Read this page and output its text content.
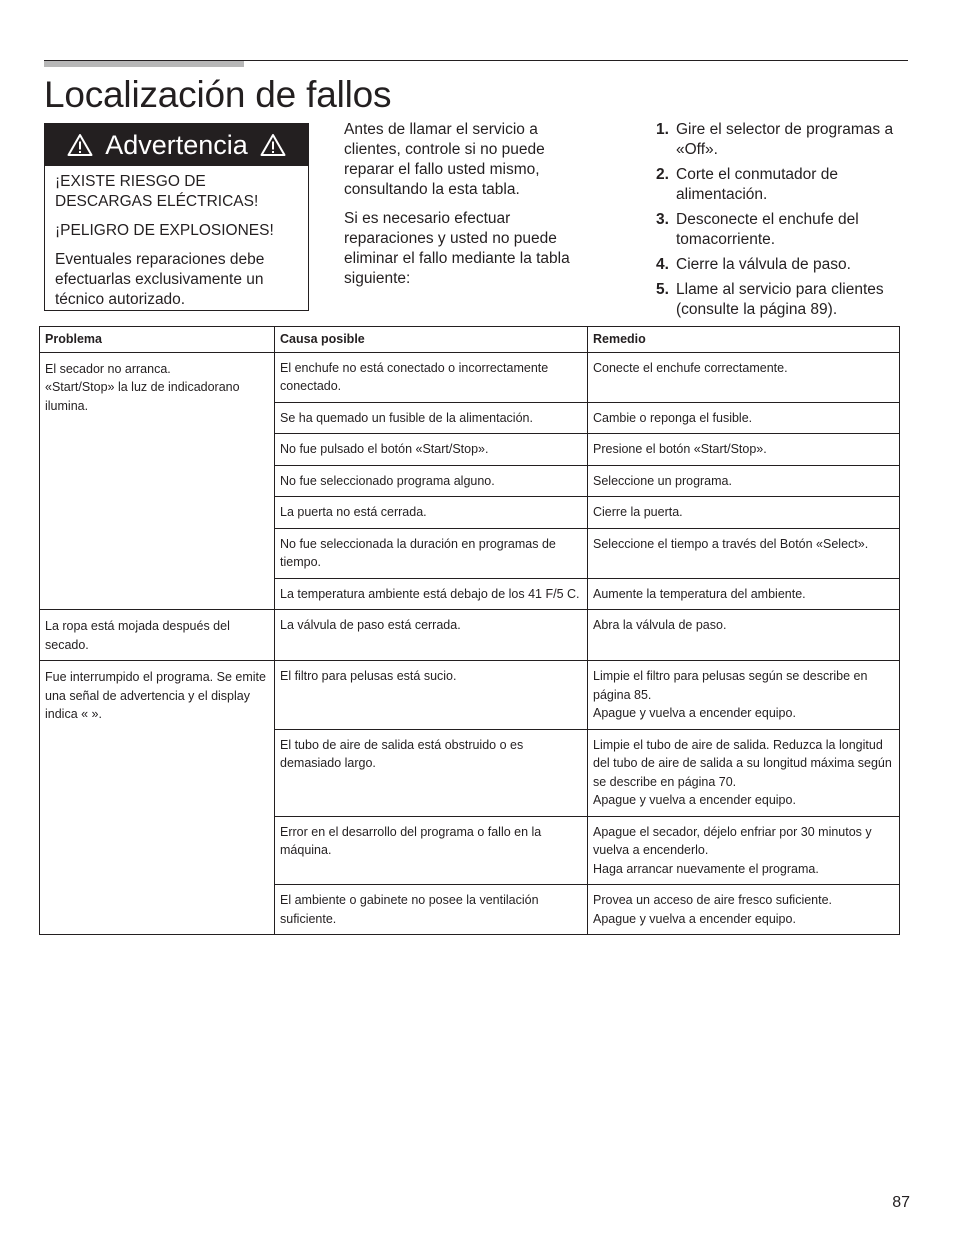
Localización de fallos
Advertencia

¡EXISTE RIESGO DE DESCARGAS ELÉCTRICAS!

¡PELIGRO DE EXPLOSIONES!

Eventuales reparaciones debe efectuarlas exclusivamente un técnico autorizado.

Antes de llamar el servicio a clientes, controle si no puede reparar el fallo usted mismo, consultando la esta tabla.

Si es necesario efectuar reparaciones y usted no puede eliminar el fallo mediante la tabla siguiente:

1. Gire el selector de programas a «Off».
2. Corte el conmutador de alimentación.
3. Desconecte el enchufe del tomacorriente.
4. Cierre la válvula de paso.
5. Llame al servicio para clientes (consulte la página 89).
Problema	Causa posible	Remedio

El secador no arranca.
«Start/Stop» la luz de indicadorano ilumina.	El enchufe no está conectado o incorrectamente conectado.	Conecte el enchufe correctamente.

	Se ha quemado un fusible de la alimentación.	Cambie o reponga el fusible.

	No fue pulsado el botón «Start/Stop».	Presione el botón «Start/Stop».

	No fue seleccionado programa alguno.	Seleccione un programa.

	La puerta no está cerrada.	Cierre la puerta.

	No fue seleccionada la duración en programas de tiempo.	Seleccione el tiempo a través del Botón «Select».

	La temperatura ambiente está debajo de los 41 F/5 C.	Aumente la temperatura del ambiente.

La ropa está mojada después del secado.	La válvula de paso está cerrada.	Abra la válvula de paso.

Fue interrumpido el programa. Se emite una señal de advertencia y el display indica « ».	El filtro para pelusas está sucio.	Limpie el filtro para pelusas según se describe en página 85.
Apague y vuelva a encender equipo.

	El tubo de aire de salida está obstruido o es demasiado largo.	Limpie el tubo de aire de salida. Reduzca la longitud del tubo de aire de salida a su longitud máxima según se describe en página 70.
Apague y vuelva a encender equipo.

	Error en el desarrollo del programa o fallo en la máquina.	Apague el secador, déjelo enfriar por 30 minutos y vuelva a encenderlo.
Haga arrancar nuevamente el programa.

	El ambiente o gabinete no posee la ventilación suficiente.	Provea un acceso de aire fresco suficiente.
Apague y vuelva a encender equipo.
87
